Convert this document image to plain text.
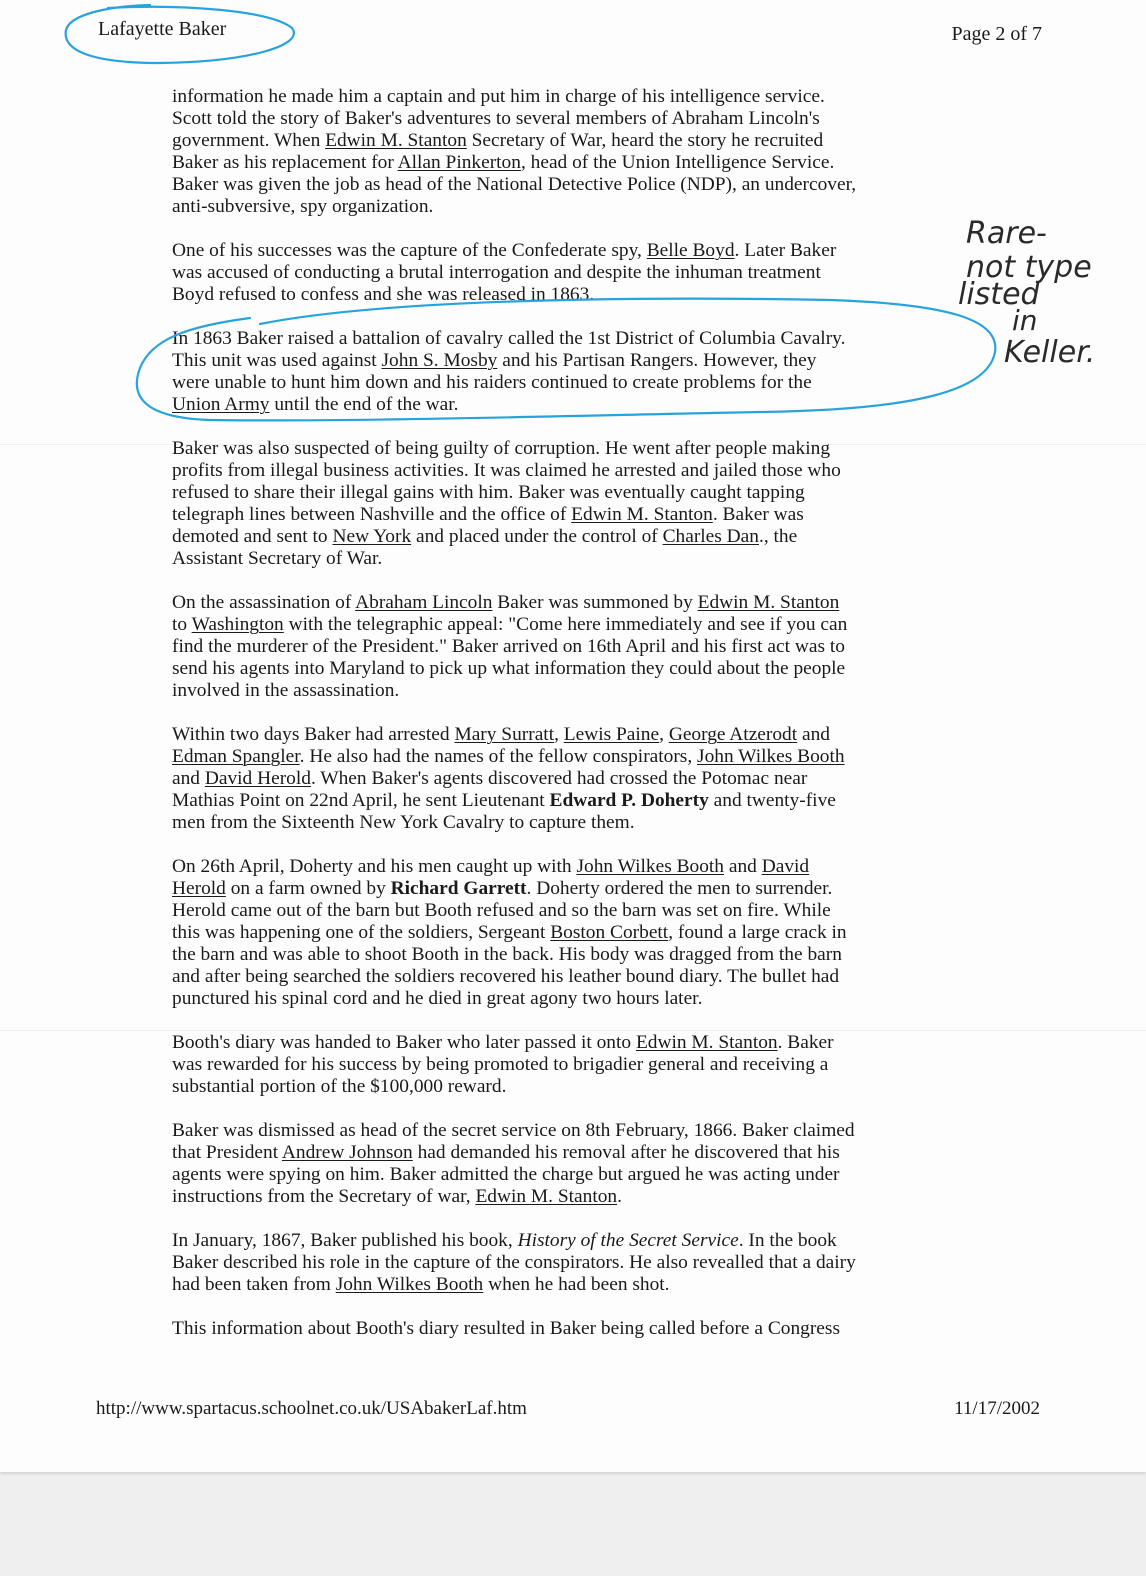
Lafayette Baker	Page 2 of 7

information he made him a captain and put him in charge of his intelligence service.
Scott told the story of Baker's adventures to several members of Abraham Lincoln's
government. When Edwin M. Stanton Secretary of War, heard the story he recruited
Baker as his replacement for Allan Pinkerton, head of the Union Intelligence Service.
Baker was given the job as head of the National Detective Police (NDP), an undercover,
anti-subversive, spy organization.
One of his successes was the capture of the Confederate spy, Belle Boyd. Later Baker
was accused of conducting a brutal interrogation and despite the inhuman treatment
Boyd refused to confess and she was released in 1863.
In 1863 Baker raised a battalion of cavalry called the 1st District of Columbia Cavalry.
This unit was used against John S. Mosby and his Partisan Rangers. However, they
were unable to hunt him down and his raiders continued to create problems for the
Union Army until the end of the war.
Baker was also suspected of being guilty of corruption. He went after people making
profits from illegal business activities. It was claimed he arrested and jailed those who
refused to share their illegal gains with him. Baker was eventually caught tapping
telegraph lines between Nashville and the office of Edwin M. Stanton. Baker was
demoted and sent to New York and placed under the control of Charles Dan., the
Assistant Secretary of War.
On the assassination of Abraham Lincoln Baker was summoned by Edwin M. Stanton
to Washington with the telegraphic appeal: "Come here immediately and see if you can
find the murderer of the President." Baker arrived on 16th April and his first act was to
send his agents into Maryland to pick up what information they could about the people
involved in the assassination.
Within two days Baker had arrested Mary Surratt, Lewis Paine, George Atzerodt and
Edman Spangler. He also had the names of the fellow conspirators, John Wilkes Booth
and David Herold. When Baker's agents discovered had crossed the Potomac near
Mathias Point on 22nd April, he sent Lieutenant Edward P. Doherty and twenty-five
men from the Sixteenth New York Cavalry to capture them.
On 26th April, Doherty and his men caught up with John Wilkes Booth and David
Herold on a farm owned by Richard Garrett. Doherty ordered the men to surrender.
Herold came out of the barn but Booth refused and so the barn was set on fire. While
this was happening one of the soldiers, Sergeant Boston Corbett, found a large crack in
the barn and was able to shoot Booth in the back. His body was dragged from the barn
and after being searched the soldiers recovered his leather bound diary. The bullet had
punctured his spinal cord and he died in great agony two hours later.
Booth's diary was handed to Baker who later passed it onto Edwin M. Stanton. Baker
was rewarded for his success by being promoted to brigadier general and receiving a
substantial portion of the $100,000 reward.
Baker was dismissed as head of the secret service on 8th February, 1866. Baker claimed
that President Andrew Johnson had demanded his removal after he discovered that his
agents were spying on him. Baker admitted the charge but argued he was acting under
instructions from the Secretary of war, Edwin M. Stanton.
In January, 1867, Baker published his book, History of the Secret Service. In the book
Baker described his role in the capture of the conspirators. He also reveal​led that a dairy
had been taken from John Wilkes Booth when he had been shot.
This information about Booth's diary resulted in Baker being called before a Congress

http://www.spartacus.schoolnet.co.uk/USAbakerLaf.htm	11/17/2002

Rare-
not type
listed
in
Keller.
